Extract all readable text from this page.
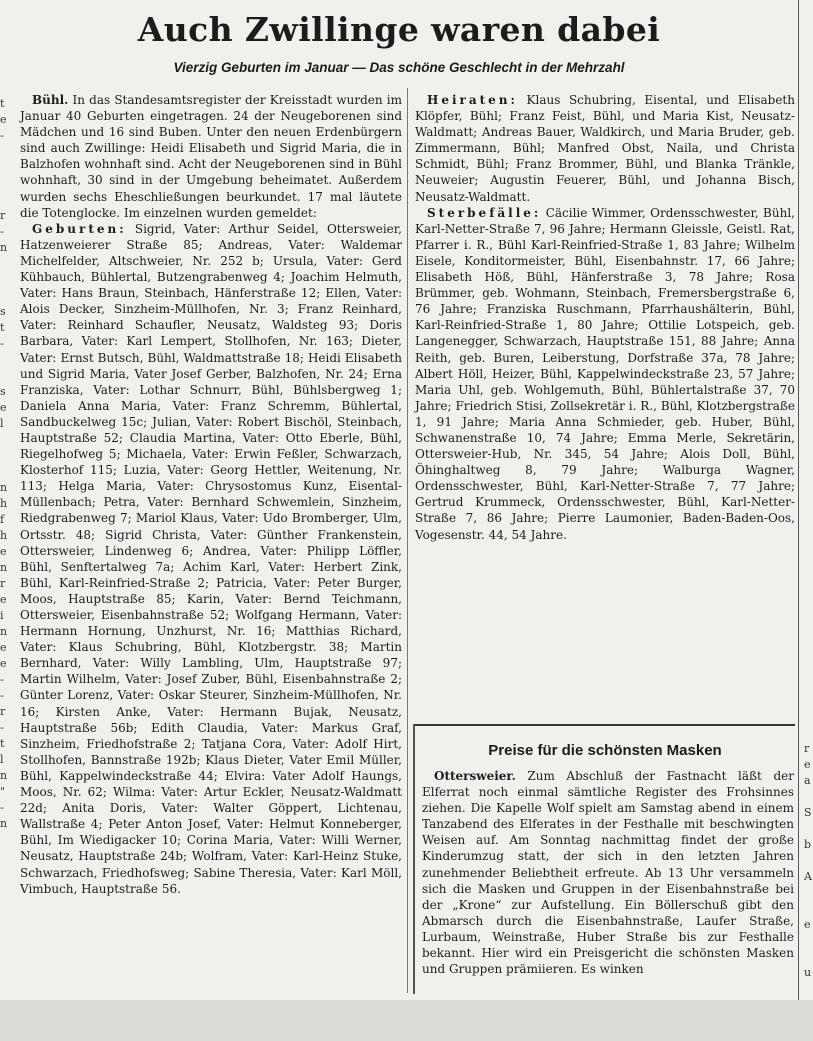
t
e
-
r
-
n
s
t
-
s
e
l
n
h
f
h
e
n
r
e
i
n
e
e
-
-
r
-
t
l
n
"
-
n
r
e
a
S
b
A
e
u
Auch Zwillinge waren dabei

Vierzig Geburten im Januar — Das schöne Geschlecht in der Mehrzahl

Bühl. In das Standesamtsregister der Kreisstadt wurden im Januar 40 Geburten eingetragen. 24 der Neugeborenen sind Mädchen und 16 sind Buben. Unter den neuen Erdenbürgern sind auch Zwillinge: Heidi Elisabeth und Sigrid Maria, die in Balzhofen wohnhaft sind. Acht der Neugeborenen sind in Bühl wohnhaft, 30 sind in der Umgebung beheimatet. Außerdem wurden sechs Eheschließungen beurkundet. 17 mal läutete die Totenglocke. Im einzelnen wurden gemeldet:

Geburten: Sigrid, Vater: Arthur Seidel, Ottersweier, Hatzenweierer Straße 85; Andreas, Vater: Waldemar Michelfelder, Altschweier, Nr. 252 b; Ursula, Vater: Gerd Kühbauch, Bühlertal, Butzengrabenweg 4; Joachim Helmuth, Vater: Hans Braun, Steinbach, Hänferstraße 12; Ellen, Vater: Alois Decker, Sinzheim-Müllhofen, Nr. 3; Franz Reinhard, Vater: Reinhard Schaufler, Neusatz, Waldsteg 93; Doris Barbara, Vater: Karl Lempert, Stollhofen, Nr. 163; Dieter, Vater: Ernst Butsch, Bühl, Waldmattstraße 18; Heidi Elisabeth und Sigrid Maria, Vater Josef Gerber, Balzhofen, Nr. 24; Erna Franziska, Vater: Lothar Schnurr, Bühl, Bühlsbergweg 1; Daniela Anna Maria, Vater: Franz Schremm, Bühlertal, Sandbuckelweg 15c; Julian, Vater: Robert Bischöl, Steinbach, Hauptstraße 52; Claudia Martina, Vater: Otto Eberle, Bühl, Riegelhofweg 5; Michaela, Vater: Erwin Feßler, Schwarzach, Klosterhof 115; Luzia, Vater: Georg Hettler, Weitenung, Nr. 113; Helga Maria, Vater: Chrysostomus Kunz, Eisental-Müllenbach; Petra, Vater: Bernhard Schwemlein, Sinzheim, Riedgrabenweg 7; Mariol Klaus, Vater: Udo Bromberger, Ulm, Ortsstr. 48; Sigrid Christa, Vater: Günther Frankenstein, Ottersweier, Lindenweg 6; Andrea, Vater: Philipp Löffler, Bühl, Senftertalweg 7a; Achim Karl, Vater: Herbert Zink, Bühl, Karl-Reinfried-Straße 2; Patricia, Vater: Peter Burger, Moos, Hauptstraße 85; Karin, Vater: Bernd Teichmann, Ottersweier, Eisenbahnstraße 52; Wolfgang Hermann, Vater: Hermann Hornung, Unzhurst, Nr. 16; Matthias Richard, Vater: Klaus Schubring, Bühl, Klotzbergstr. 38; Martin Bernhard, Vater: Willy Lambling, Ulm, Hauptstraße 97; Martin Wilhelm, Vater: Josef Zuber, Bühl, Eisenbahnstraße 2; Günter Lorenz, Vater: Oskar Steurer, Sinzheim-Müllhofen, Nr. 16; Kirsten Anke, Vater: Hermann Bujak, Neusatz, Hauptstraße 56b; Edith Claudia, Vater: Markus Graf, Sinzheim, Friedhofstraße 2; Tatjana Cora, Vater: Adolf Hirt, Stollhofen, Bannstraße 192b; Klaus Dieter, Vater Emil Müller, Bühl, Kappelwindeckstraße 44; Elvira: Vater Adolf Haungs, Moos, Nr. 62; Wilma: Vater: Artur Eckler, Neusatz-Waldmatt 22d; Anita Doris, Vater: Walter Göppert, Lichtenau, Wallstraße 4; Peter Anton Josef, Vater: Helmut Konneberger, Bühl, Im Wiedigacker 10; Corina Maria, Vater: Willi Werner, Neusatz, Hauptstraße 24b; Wolfram, Vater: Karl-Heinz Stuke, Schwarzach, Friedhofsweg; Sabine Theresia, Vater: Karl Möll, Vimbuch, Hauptstraße 56.

Heiraten: Klaus Schubring, Eisental, und Elisabeth Klöpfer, Bühl; Franz Feist, Bühl, und Maria Kist, Neusatz-Waldmatt; Andreas Bauer, Waldkirch, und Maria Bruder, geb. Zimmermann, Bühl; Manfred Obst, Naila, und Christa Schmidt, Bühl; Franz Brommer, Bühl, und Blanka Tränkle, Neuweier; Augustin Feuerer, Bühl, und Johanna Bisch, Neusatz-Waldmatt.

Sterbefälle: Cäcilie Wimmer, Ordensschwester, Bühl, Karl-Netter-Straße 7, 96 Jahre; Hermann Gleissle, Geistl. Rat, Pfarrer i. R., Bühl Karl-Reinfried-Straße 1, 83 Jahre; Wilhelm Eisele, Konditormeister, Bühl, Eisenbahnstr. 17, 66 Jahre; Elisabeth Höß, Bühl, Hänferstraße 3, 78 Jahre; Rosa Brümmer, geb. Wohmann, Steinbach, Fremersbergstraße 6, 76 Jahre; Franziska Ruschmann, Pfarrhaushälterin, Bühl, Karl-Reinfried-Straße 1, 80 Jahre; Ottilie Lotspeich, geb. Langenegger, Schwarzach, Hauptstraße 151, 88 Jahre; Anna Reith, geb. Buren, Leiberstung, Dorfstraße 37a, 78 Jahre; Albert Höll, Heizer, Bühl, Kappelwindeckstraße 23, 57 Jahre; Maria Uhl, geb. Wohlgemuth, Bühl, Bühlertalstraße 37, 70 Jahre; Friedrich Stisi, Zollsekretär i. R., Bühl, Klotzbergstraße 1, 91 Jahre; Maria Anna Schmieder, geb. Huber, Bühl, Schwanenstraße 10, 74 Jahre; Emma Merle, Sekretärin, Ottersweier-Hub, Nr. 345, 54 Jahre; Alois Doll, Bühl, Öhinghaltweg 8, 79 Jahre; Walburga Wagner, Ordensschwester, Bühl, Karl-Netter-Straße 7, 77 Jahre; Gertrud Krummeck, Ordensschwester, Bühl, Karl-Netter-Straße 7, 86 Jahre; Pierre Laumonier, Baden-Baden-Oos, Vogesenstr. 44, 54 Jahre.

Preise für die schönsten Masken

Ottersweier. Zum Abschluß der Fastnacht läßt der Elferrat noch einmal sämtliche Register des Frohsinnes ziehen. Die Kapelle Wolf spielt am Samstag abend in einem Tanzabend des Elferates in der Festhalle mit beschwingten Weisen auf. Am Sonntag nachmittag findet der große Kinderumzug statt, der sich in den letzten Jahren zunehmender Beliebtheit erfreute. Ab 13 Uhr versammeln sich die Masken und Gruppen in der Eisenbahnstraße bei der „Krone“ zur Aufstellung. Ein Böllerschuß gibt den Abmarsch durch die Eisenbahnstraße, Laufer Straße, Lurbaum, Weinstraße, Huber Straße bis zur Festhalle bekannt. Hier wird ein Preisgericht die schönsten Masken und Gruppen prämiieren. Es winken
